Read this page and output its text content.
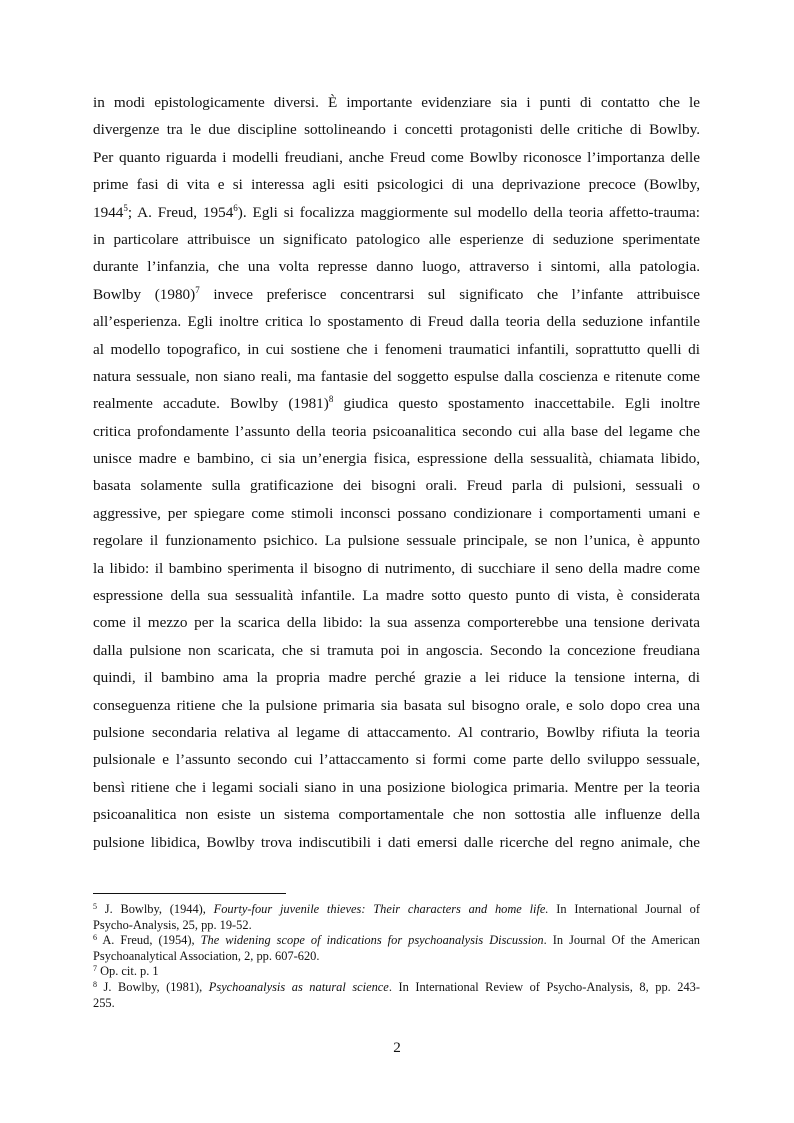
in modi epistologicamente diversi. È importante evidenziare sia i punti di contatto che le
divergenze tra le due discipline sottolineando i concetti protagonisti delle critiche di Bowlby.
Per quanto riguarda i modelli freudiani, anche Freud come Bowlby riconosce l’importanza delle
prime fasi di vita e si interessa agli esiti psicologici di una deprivazione precoce (Bowlby,
1944$^5$; A. Freud, 1954$^6$). Egli si focalizza maggiormente sul modello della teoria affetto-trauma:
in particolare attribuisce un significato patologico alle esperienze di seduzione sperimentate
durante l’infanzia, che una volta represse danno luogo, attraverso i sintomi, alla patologia.
Bowlby $(1980)^7$ invece preferisce concentrarsi sul significato che l’infante attribuisce
all’esperienza. Egli inoltre critica lo spostamento di Freud dalla teoria della seduzione infantile
al modello topografico, in cui sostiene che i fenomeni traumatici infantili, soprattutto quelli di
natura sessuale, non siano reali, ma fantasie del soggetto espulse dalla coscienza e ritenute come
realmente accadute. Bowlby $(1981)^8$ giudica questo spostamento inaccettabile. Egli inoltre
critica profondamente l’assunto della teoria psicoanalitica secondo cui alla base del legame che
unisce madre e bambino, ci sia un’energia fisica, espressione della sessualità, chiamata libido,
basata solamente sulla gratificazione dei bisogni orali. Freud parla di pulsioni, sessuali o
aggressive, per spiegare come stimoli inconsci possano condizionare i comportamenti umani e
regolare il funzionamento psichico. La pulsione sessuale principale, se non l’unica, è appunto
la libido: il bambino sperimenta il bisogno di nutrimento, di succhiare il seno della madre come
espressione della sua sessualità infantile. La madre sotto questo punto di vista, è considerata
come il mezzo per la scarica della libido: la sua assenza comporterebbe una tensione derivata
dalla pulsione non scaricata, che si tramuta poi in angoscia. Secondo la concezione freudiana
quindi, il bambino ama la propria madre perché grazie a lei riduce la tensione interna, di
conseguenza ritiene che la pulsione primaria sia basata sul bisogno orale, e solo dopo crea una
pulsione secondaria relativa al legame di attaccamento. Al contrario, Bowlby rifiuta la teoria
pulsionale e l’assunto secondo cui l’attaccamento si formi come parte dello sviluppo sessuale,
bensì ritiene che i legami sociali siano in una posizione biologica primaria. Mentre per la teoria
psicoanalitica non esiste un sistema comportamentale che non sottostia alle influenze della
pulsione libidica, Bowlby trova indiscutibili i dati emersi dalle ricerche del regno animale, che
$^5$ J. Bowlby, (1944), Fourty-four juvenile thieves: Their characters and home life. In International Journal of
Psycho-Analysis, 25, pp. 19-52.
$^6$ A. Freud, (1954), The widening scope of indications for psychoanalysis Discussion. In Journal Of the American
Psychoanalytical Association, 2, pp. 607-620.
$^7$ Op. cit. p. 1
$^8$ J. Bowlby, (1981), Psychoanalysis as natural science. In International Review of Psycho-Analysis, 8, pp. 243-
255.
2
